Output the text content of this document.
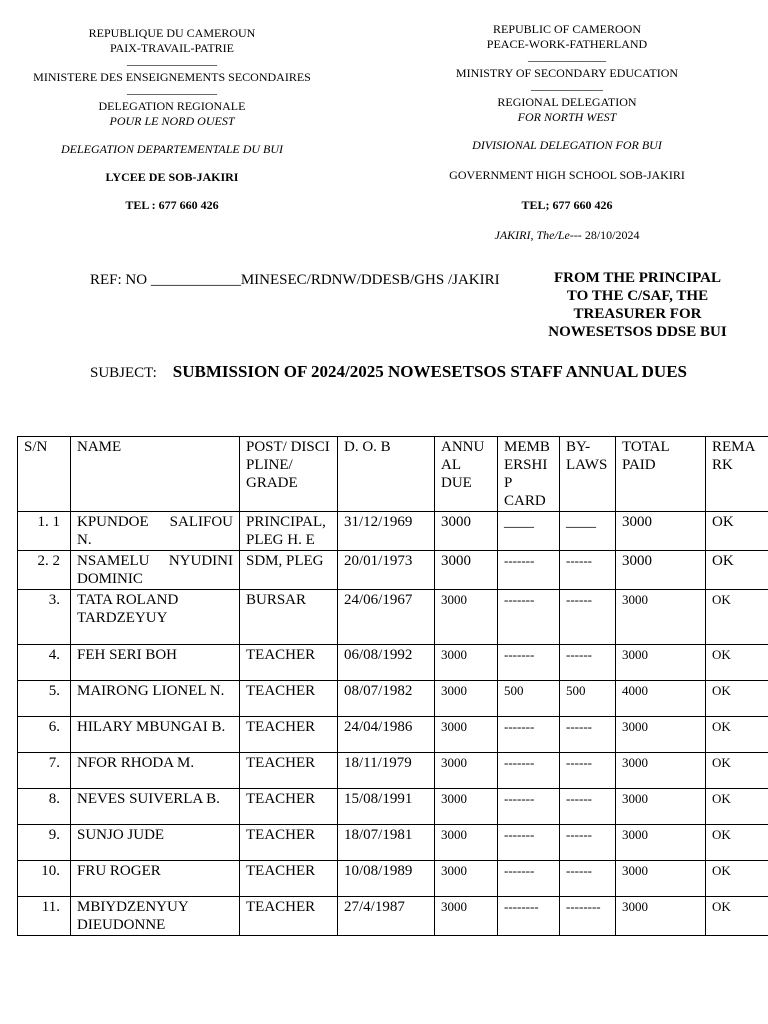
REPUBLIQUE DU CAMEROUN
PAIX-TRAVAIL-PATRIE
_______________
MINISTERE DES ENSEIGNEMENTS SECONDAIRES
_______________
DELEGATION REGIONALE
POUR LE NORD OUEST
DELEGATION DEPARTEMENTALE DU BUI
LYCEE DE SOB-JAKIRI
TEL : 677 660 426
REPUBLIC OF CAMEROON
PEACE-WORK-FATHERLAND
_____________
MINISTRY OF SECONDARY EDUCATION
____________
REGIONAL DELEGATION
FOR NORTH WEST
DIVISIONAL DELEGATION FOR BUI
GOVERNMENT HIGH SCHOOL SOB-JAKIRI
TEL; 677 660 426
JAKIRI, The/Le--- 28/10/2024
REF: NO ____________MINESEC/RDNW/DDESB/GHS /JAKIRI	FROM THE PRINCIPAL
TO THE C/SAF, THE
TREASURER FOR
NOWESETSOS DDSE BUI
SUBJECT: SUBMISSION OF 2024/2025 NOWESETSOS STAFF ANNUAL DUES
S/N	NAME	POST/ DISCI PLINE/ GRADE	D. O. B	ANNU AL DUE	MEMB ERSHI P CARD	BY-LAWS	TOTAL PAID	REMA RK
1. 1	KPUNDOE SALIFOU N.	PRINCIPAL, PLEG H. E	31/12/1969	3000	____	____	3000	OK
2. 2	NSAMELU NYUDINI DOMINIC	SDM, PLEG	20/01/1973	3000	-------	------	3000	OK
3.	TATA ROLAND TARDZEYUY	BURSAR	24/06/1967	3000	-------	------	3000	OK
4.	FEH SERI BOH	TEACHER	06/08/1992	3000	-------	------	3000	OK
5.	MAIRONG LIONEL N.	TEACHER	08/07/1982	3000	500	500	4000	OK
6.	HILARY MBUNGAI B.	TEACHER	24/04/1986	3000	-------	------	3000	OK
7.	NFOR RHODA M.	TEACHER	18/11/1979	3000	-------	------	3000	OK
8.	NEVES SUIVERLA B.	TEACHER	15/08/1991	3000	-------	------	3000	OK
9.	SUNJO JUDE	TEACHER	18/07/1981	3000	-------	------	3000	OK
10.	FRU ROGER	TEACHER	10/08/1989	3000	-------	------	3000	OK
11.	MBIYDZENYUY DIEUDONNE	TEACHER	27/4/1987	3000	--------	--------	3000	OK
